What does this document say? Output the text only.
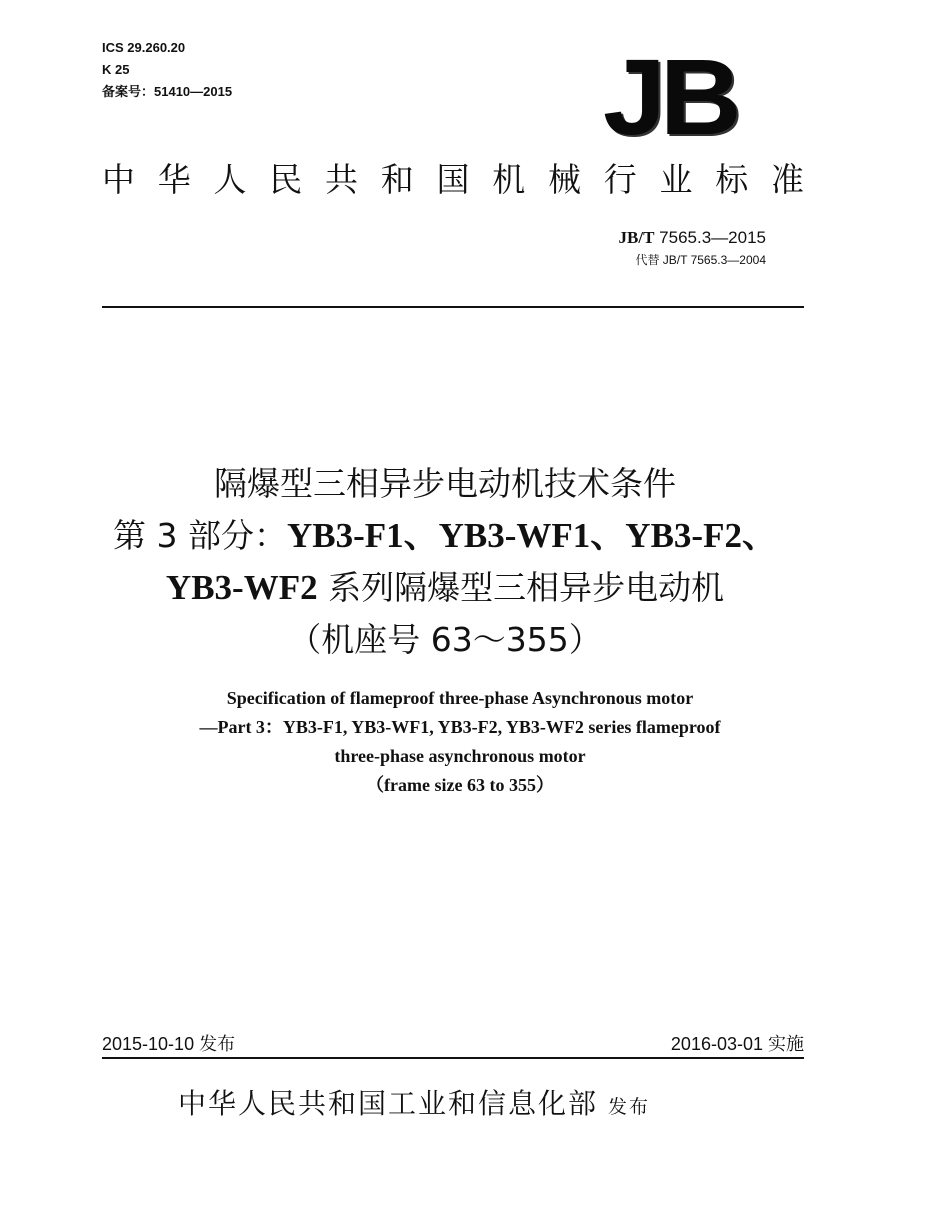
ICS 29.260.20
K 25
备案号：51410—2015	JB
中 华 人 民 共 和 国 机 械 行 业 标 准
JB/T 7565.3—2015
代替 JB/T 7565.3—2004
隔爆型三相异步电动机技术条件
第 3 部分：YB3-F1、YB3-WF1、YB3-F2、
YB3-WF2 系列隔爆型三相异步电动机
（机座号 63～355）
Specification of flameproof three-phase Asynchronous motor
—Part 3：YB3-F1, YB3-WF1, YB3-F2, YB3-WF2 series flameproof
three-phase asynchronous motor
（frame size 63 to 355）
2015-10-10 发布	2016-03-01 实施
中华人民共和国工业和信息化部 发布
